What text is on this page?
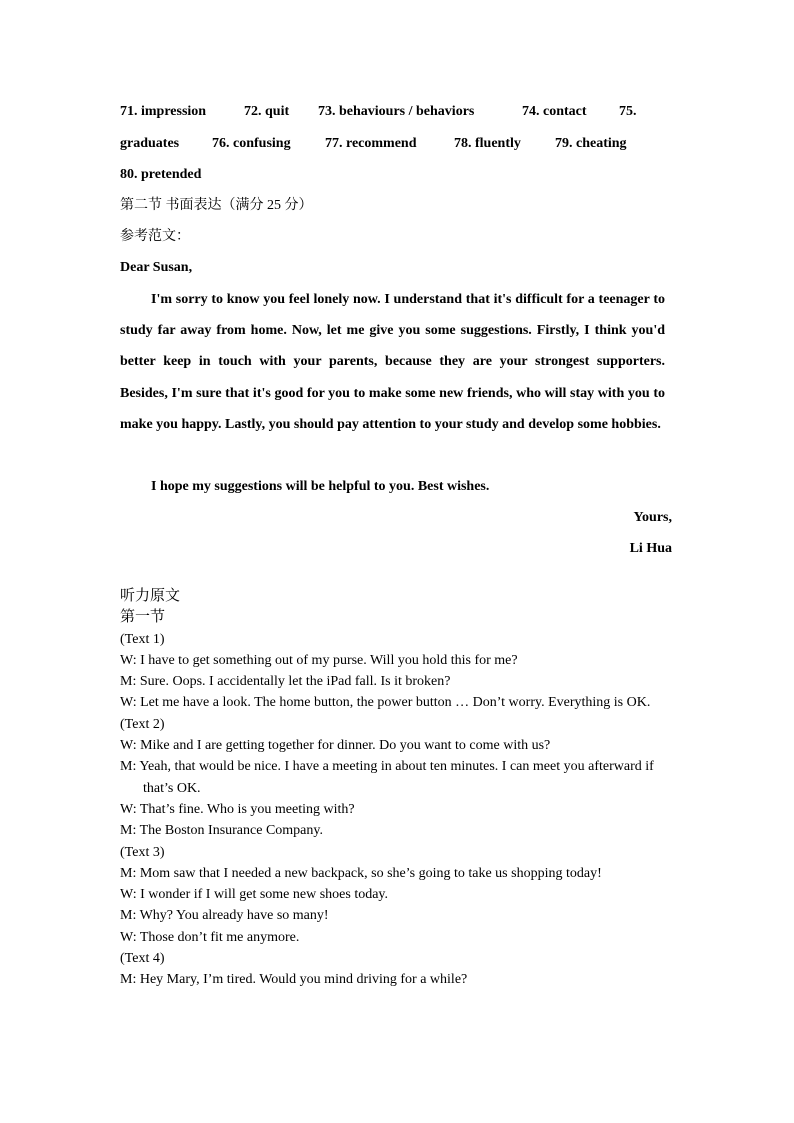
71. impression	72. quit 73. behaviours / behaviors	74. contact 75.
graduates 76. confusing 77. recommend	78. fluently 79. cheating
80. pretended
第二节 书面表达（满分 25 分）
参考范文：
Dear Susan,
I'm sorry to know you feel lonely now. I understand that it's difficult for a teenager to study far away from home. Now, let me give you some suggestions. Firstly, I think you'd better keep in touch with your parents, because they are your strongest supporters. Besides, I'm sure that it's good for you to make some new friends, who will stay with you to make you happy. Lastly, you should pay attention to your study and develop some hobbies.
I hope my suggestions will be helpful to you. Best wishes.
Yours,
Li Hua
听力原文
第一节
(Text 1)
W: I have to get something out of my purse. Will you hold this for me?
M: Sure. Oops. I accidentally let the iPad fall. Is it broken?
W: Let me have a look. The home button, the power button … Don’t worry. Everything is OK.
(Text 2)
W: Mike and I are getting together for dinner. Do you want to come with us?
M: Yeah, that would be nice. I have a meeting in about ten minutes. I can meet you afterward if that’s OK.
W: That’s fine. Who is you meeting with?
M: The Boston Insurance Company.
(Text 3)
M: Mom saw that I needed a new backpack, so she’s going to take us shopping today!
W: I wonder if I will get some new shoes today.
M: Why? You already have so many!
W: Those don’t fit me anymore.
(Text 4)
M: Hey Mary, I’m tired. Would you mind driving for a while?
